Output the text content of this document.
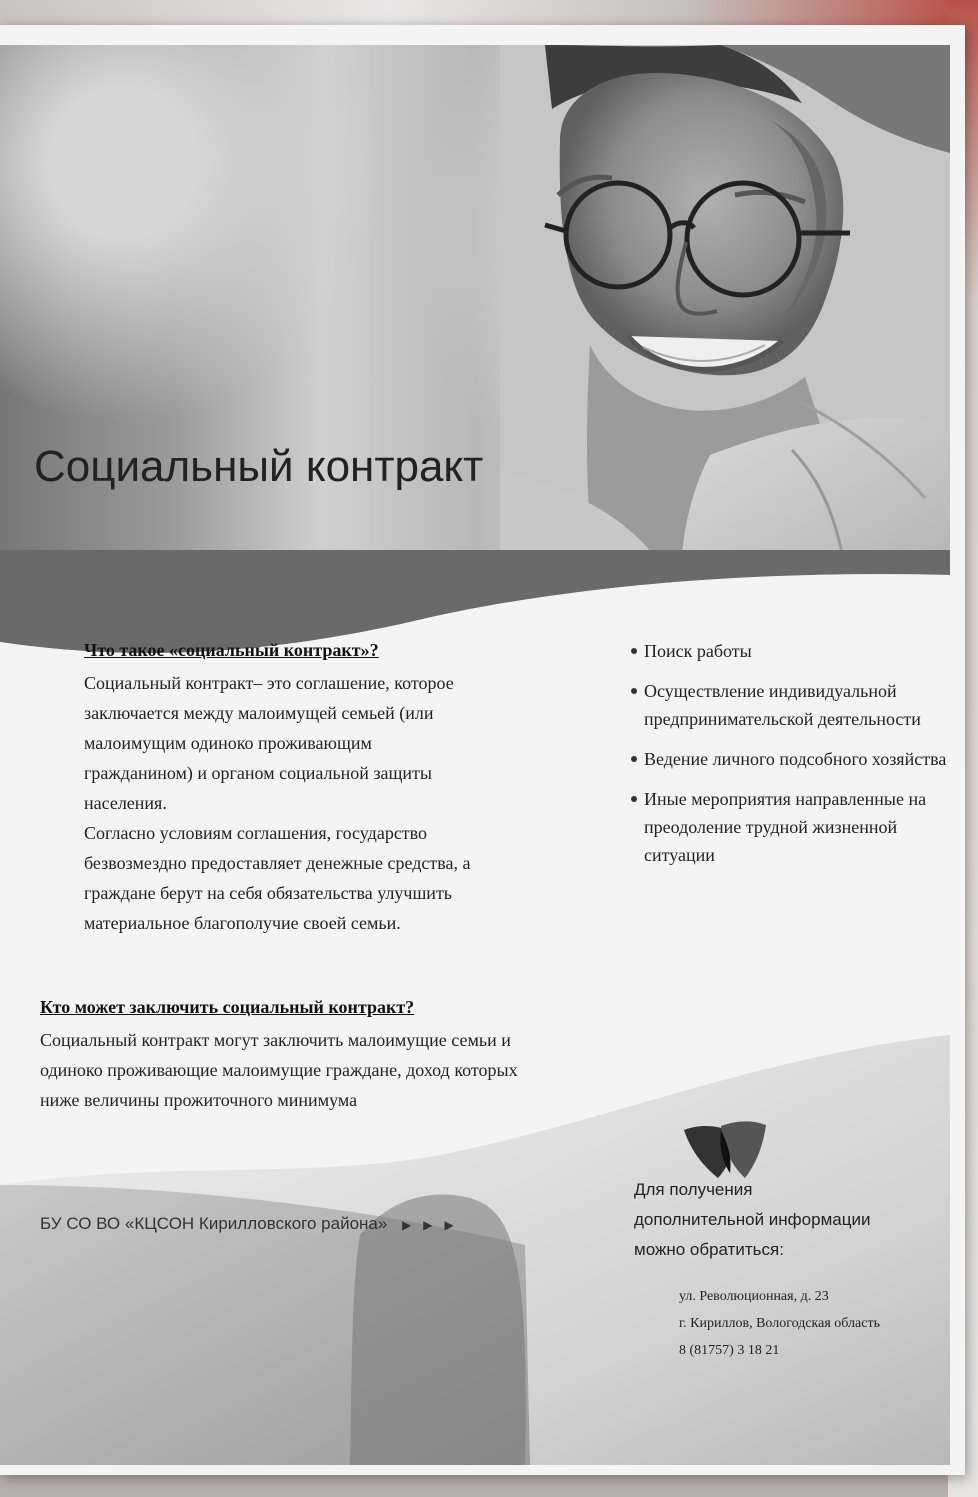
Социальный контракт
Что такое «социальный контракт»?

Социальный контракт– это соглашение, которое
заключается между малоимущей семьей (или
малоимущим одиноко проживающим
гражданином) и органом социальной защиты
населения.
Согласно условиям соглашения, государство
безвозмездно предоставляет денежные средства, а
граждане берут на себя обязательства улучшить
материальное благополучие своей семьи.

Поиск работы
Осуществление индивидуальной предпринимательской деятельности
Ведение личного подсобного хозяйства
Иные мероприятия направленные на преодоление трудной жизненной ситуации
Кто может заключить социальный контракт?

Социальный контракт могут заключить малоимущие семьи и
одиноко проживающие малоимущие граждане, доход которых
ниже величины прожиточного минимума

БУ СО ВО «КЦСОН Кирилловского района» ▶▶▶
Для получения
дополнительной информации
можно обратиться:
ул. Революционная, д. 23
г. Кириллов, Вологодская область
8 (81757) 3 18 21
